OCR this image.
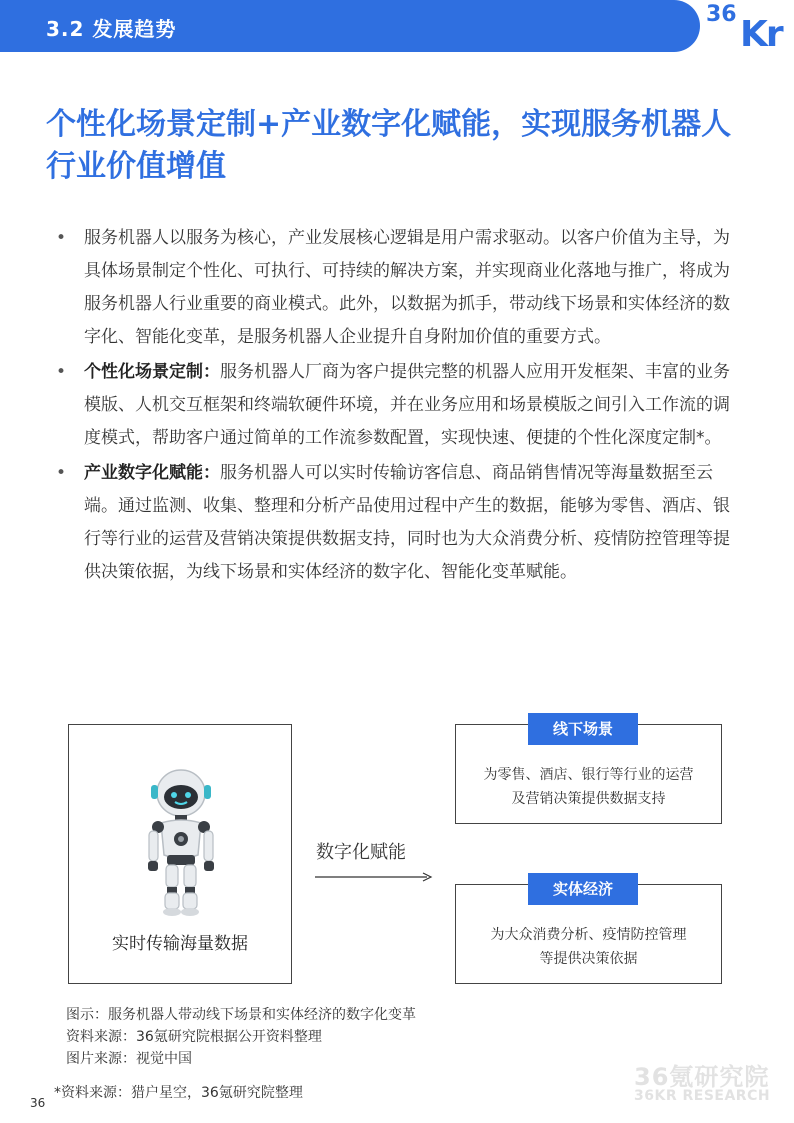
3.2 发展趋势
36 Kr
个性化场景定制+产业数字化赋能，实现服务机器人行业价值增值
• 服务机器人以服务为核心，产业发展核心逻辑是用户需求驱动。以客户价值为主导，为具体场景制定个性化、可执行、可持续的解决方案，并实现商业化落地与推广，将成为服务机器人行业重要的商业模式。此外，以数据为抓手，带动线下场景和实体经济的数字化、智能化变革，是服务机器人企业提升自身附加价值的重要方式。
• 个性化场景定制：服务机器人厂商为客户提供完整的机器人应用开发框架、丰富的业务模版、人机交互框架和终端软硬件环境，并在业务应用和场景模版之间引入工作流的调度模式，帮助客户通过简单的工作流参数配置，实现快速、便捷的个性化深度定制*。
• 产业数字化赋能：服务机器人可以实时传输访客信息、商品销售情况等海量数据至云端。通过监测、收集、整理和分析产品使用过程中产生的数据，能够为零售、酒店、银行等行业的运营及营销决策提供数据支持，同时也为大众消费分析、疫情防控管理等提供决策依据，为线下场景和实体经济的数字化、智能化变革赋能。
实时传输海量数据
数字化赋能
线下场景
为零售、酒店、银行等行业的运营
及营销决策提供数据支持
实体经济
为大众消费分析、疫情防控管理
等提供决策依据
图示：服务机器人带动线下场景和实体经济的数字化变革
资料来源：36氪研究院根据公开资料整理
图片来源：视觉中国
*资料来源：猎户星空，36氪研究院整理
36
36氪研究院
36KR RESEARCH
